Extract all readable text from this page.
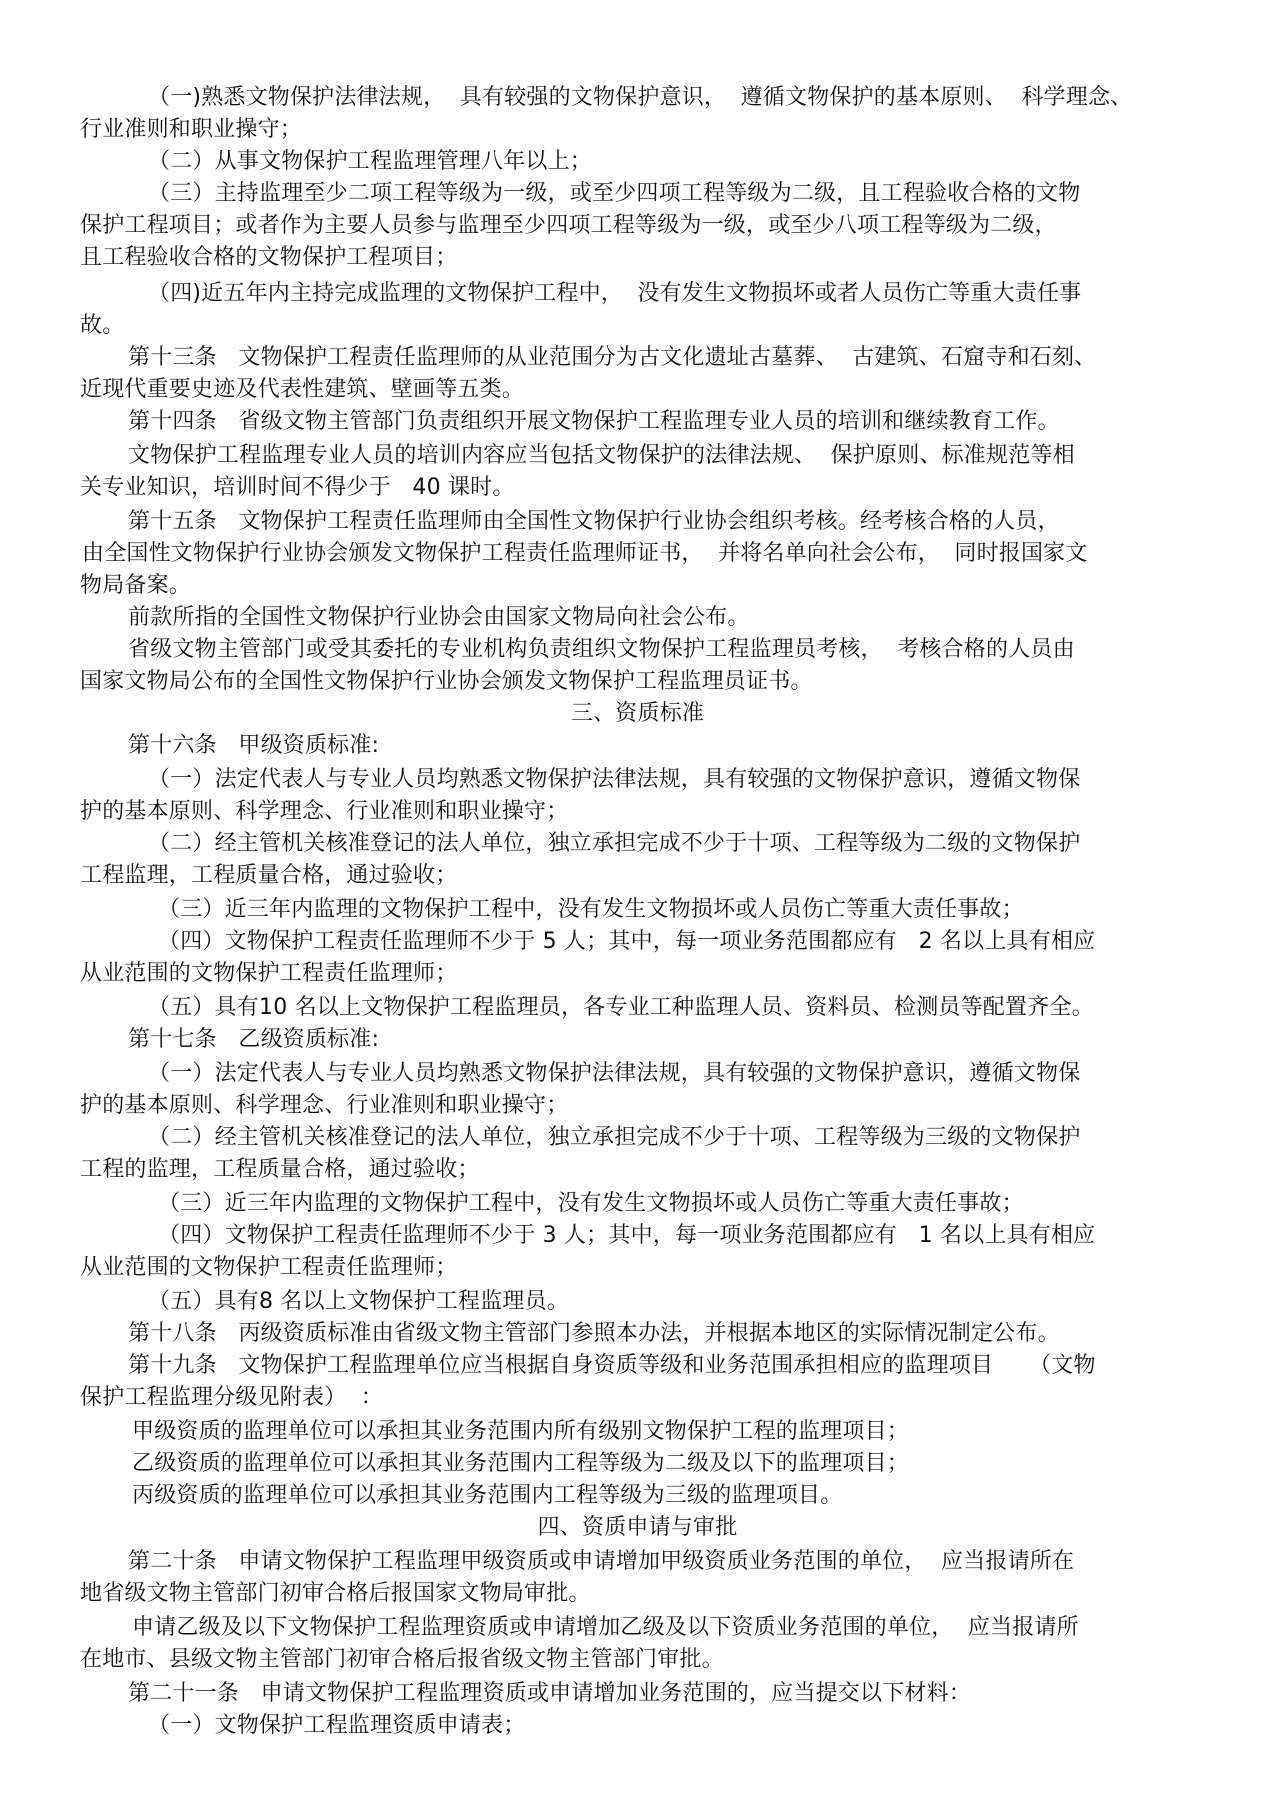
（一)熟悉文物保护法律法规，  具有较强的文物保护意识，  遵循文物保护的基本原则、  科学理念、
行业准则和职业操守；
（二）从事文物保护工程监理管理八年以上；
（三）主持监理至少二项工程等级为一级，或至少四项工程等级为二级，且工程验收合格的文物
保护工程项目；或者作为主要人员参与监理至少四项工程等级为一级，或至少八项工程等级为二级，
且工程验收合格的文物保护工程项目；
（四)近五年内主持完成监理的文物保护工程中，  没有发生文物损坏或者人员伤亡等重大责任事
故。
第十三条   文物保护工程责任监理师的从业范围分为古文化遗址古墓葬、  古建筑、石窟寺和石刻、
近现代重要史迹及代表性建筑、壁画等五类。
第十四条   省级文物主管部门负责组织开展文物保护工程监理专业人员的培训和继续教育工作。
文物保护工程监理专业人员的培训内容应当包括文物保护的法律法规、  保护原则、标准规范等相
关专业知识，培训时间不得少于   40 课时。
第十五条   文物保护工程责任监理师由全国性文物保护行业协会组织考核。经考核合格的人员，
由全国性文物保护行业协会颁发文物保护工程责任监理师证书，  并将名单向社会公布，  同时报国家文
物局备案。
前款所指的全国性文物保护行业协会由国家文物局向社会公布。
省级文物主管部门或受其委托的专业机构负责组织文物保护工程监理员考核，  考核合格的人员由
国家文物局公布的全国性文物保护行业协会颁发文物保护工程监理员证书。
三、资质标准
第十六条   甲级资质标准:
（一）法定代表人与专业人员均熟悉文物保护法律法规，具有较强的文物保护意识，遵循文物保
护的基本原则、科学理念、行业准则和职业操守；
（二）经主管机关核准登记的法人单位，独立承担完成不少于十项、工程等级为二级的文物保护
工程监理，工程质量合格，通过验收；
（三）近三年内监理的文物保护工程中，没有发生文物损坏或人员伤亡等重大责任事故；
（四）文物保护工程责任监理师不少于 5 人；其中，每一项业务范围都应有   2 名以上具有相应
从业范围的文物保护工程责任监理师；
（五）具有10 名以上文物保护工程监理员，各专业工种监理人员、资料员、检测员等配置齐全。
第十七条   乙级资质标准:
（一）法定代表人与专业人员均熟悉文物保护法律法规，具有较强的文物保护意识，遵循文物保
护的基本原则、科学理念、行业准则和职业操守；
（二）经主管机关核准登记的法人单位，独立承担完成不少于十项、工程等级为三级的文物保护
工程的监理，工程质量合格，通过验收；
（三）近三年内监理的文物保护工程中，没有发生文物损坏或人员伤亡等重大责任事故；
（四）文物保护工程责任监理师不少于 3 人；其中，每一项业务范围都应有   1 名以上具有相应
从业范围的文物保护工程责任监理师；
（五）具有8 名以上文物保护工程监理员。
第十八条   丙级资质标准由省级文物主管部门参照本办法，并根据本地区的实际情况制定公布。
第十九条   文物保护工程监理单位应当根据自身资质等级和业务范围承担相应的监理项目     （文物
保护工程监理分级见附表）  ：
甲级资质的监理单位可以承担其业务范围内所有级别文物保护工程的监理项目；
乙级资质的监理单位可以承担其业务范围内工程等级为二级及以下的监理项目；
丙级资质的监理单位可以承担其业务范围内工程等级为三级的监理项目。
四、资质申请与审批
第二十条   申请文物保护工程监理甲级资质或申请增加甲级资质业务范围的单位，  应当报请所在
地省级文物主管部门初审合格后报国家文物局审批。
申请乙级及以下文物保护工程监理资质或申请增加乙级及以下资质业务范围的单位，  应当报请所
在地市、县级文物主管部门初审合格后报省级文物主管部门审批。
第二十一条   申请文物保护工程监理资质或申请增加业务范围的，应当提交以下材料：
（一）文物保护工程监理资质申请表；
